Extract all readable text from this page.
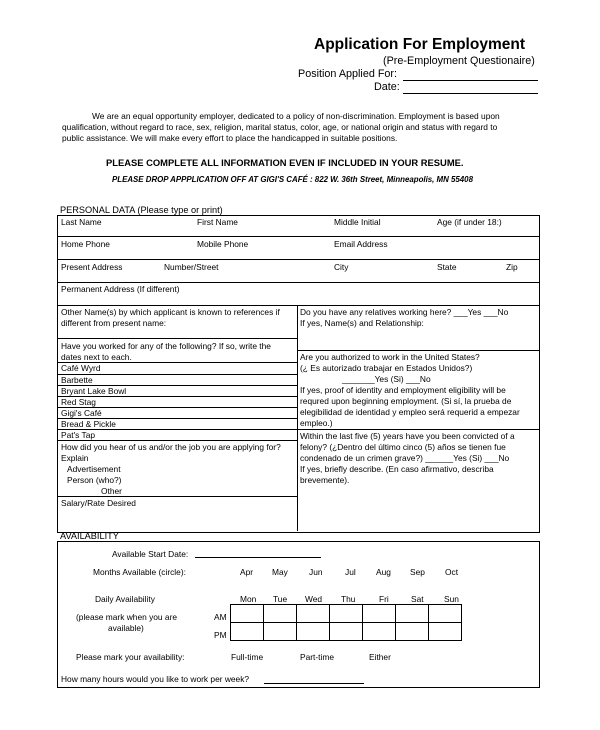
Application For Employment
(Pre-Employment Questionaire)
Position Applied For:
Date:
We are an equal opportunity employer, dedicated to a policy of non-discrimination. Employment is based upon
qualification, without regard to race, sex, religion, marital status, color, age, or national origin and status with regard to
public assistance. We will make every effort to place the handicapped in suitable positions.
PLEASE COMPLETE ALL INFORMATION EVEN IF INCLUDED IN YOUR RESUME.
PLEASE DROP APPPLICATION OFF AT GIGI'S CAFÉ : 822 W. 36th Street, Minneapolis, MN 55408
PERSONAL DATA (Please type or print)
Last Name	First Name	Middle Initial	Age (if under 18:)
Home Phone	Mobile Phone	Email Address
Present Address	Number/Street	City	State	Zip
Permanent Address (If different)
Other Name(s) by which applicant is known to references if
different from present name:
Have you worked for any of the following? If so, write the
dates next to each.
Café Wyrd
Barbette
Bryant Lake Bowl
Red Stag
Gigi's Café
Bread & Pickle
Pat's Tap
How did you hear of us and/or the job you are applying for?
Explain
Advertisement
Person (who?)
Other
Salary/Rate Desired
Do you have any relatives working here? ___Yes ___No
If yes, Name(s) and Relationship:
Are you authorized to work in the United States?
(¿ Es autorizado trabajar en Estados Unidos?)
_______Yes (Si) ___No
If yes, proof of identity and employment eligibility will be
requred upon beginning employment. (Si sí, la prueba de
elegibilidad de identidad y empleo será requerid a empezar
empleo.)
Within the last five (5) years have you been convicted of a
felony? (¿Dentro del último cinco (5) años se tienen fue
condenado de un crimen grave?) ______Yes (Si) ___No
If yes, briefly describe. (En caso afirmativo, describa
brevemente).
AVAILABILITY
Available Start Date:
Months Available (circle):	Apr May	Jun	Jul Aug Sep Oct
Daily Availability
(please mark when you are
available)
Mon Tue Wed Thu	Fri	Sat Sun
AM
PM

Please mark your availability:	Full-time	Part-time	Either
How many hours would you like to work per week?
